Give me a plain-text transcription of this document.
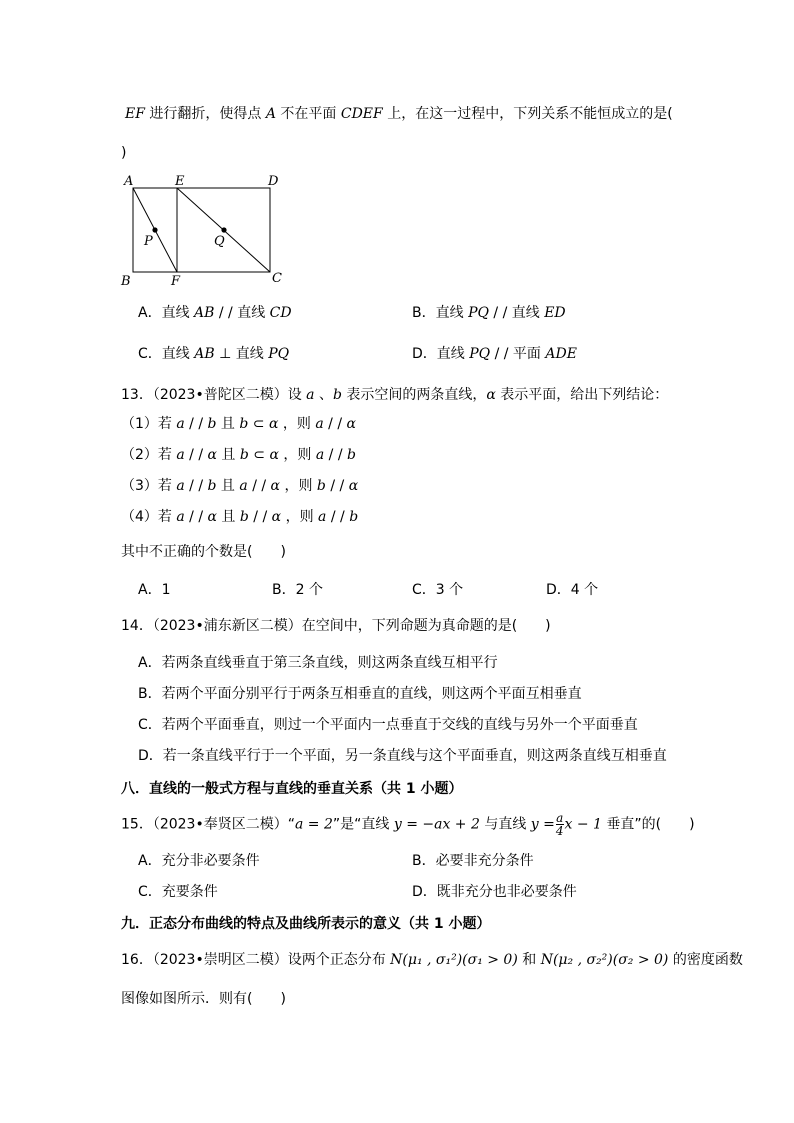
EF 进行翻折，使得点 A 不在平面 CDEF 上，在这一过程中，下列关系不能恒成立的是(
)
A	E	D
B	F	C
P	Q
A．直线 AB / / 直线 CD	B．直线 PQ / / 直线 ED
C．直线 AB ⊥ 直线 PQ	D．直线 PQ / / 平面 ADE
13．（2023•普陀区二模）设 a 、b 表示空间的两条直线，α 表示平面，给出下列结论：
（1）若 a / / b 且 b ⊂ α ，则 a / / α
（2）若 a / / α 且 b ⊂ α ，则 a / / b
（3）若 a / / b 且 a / / α ，则 b / / α
（4）若 a / / α 且 b / / α ，则 a / / b
其中不正确的个数是(　　)
A．1	B．2 个	C．3 个	D．4 个
14．（2023•浦东新区二模）在空间中，下列命题为真命题的是(　　)
A．若两条直线垂直于第三条直线，则这两条直线互相平行
B．若两个平面分别平行于两条互相垂直的直线，则这两个平面互相垂直
C．若两个平面垂直，则过一个平面内一点垂直于交线的直线与另外一个平面垂直
D．若一条直线平行于一个平面，另一条直线与这个平面垂直，则这两条直线互相垂直
八．直线的一般式方程与直线的垂直关系（共 1 小题）
15．（2023•奉贤区二模）“a = 2”是“直线 y = −ax + 2 与直线 $y = \frac{a}{4}$ x − 1 垂直”的(　　)
A．充分非必要条件	B．必要非充分条件
C．充要条件	D．既非充分也非必要条件
九．正态分布曲线的特点及曲线所表示的意义（共 1 小题）
16．（2023•崇明区二模）设两个正态分布 N(μ₁ , σ₁²)(σ₁ > 0) 和 N(μ₂ , σ₂²)(σ₂ > 0) 的密度函数
图像如图所示．则有(　　)
